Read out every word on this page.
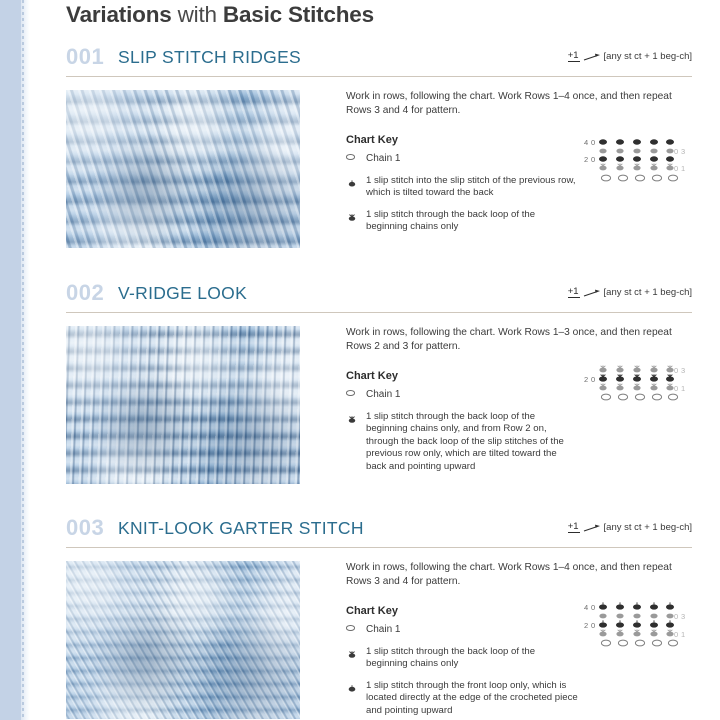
Variations with Basic Stitches
001 SLIP STITCH RIDGES	+1	[any st ct + 1 beg-ch]

Work in rows, following the chart. Work Rows 1–4 once, and then repeat Rows 3 and 4 for pattern.

Chart Key
Chain 1
1 slip stitch into the slip stitch of the previous row, which is tilted toward the back
1 slip stitch through the back loop of the beginning chains only
4 0
2 0
0 3
0 1
002 V-RIDGE LOOK	+1	[any st ct + 1 beg-ch]

Work in rows, following the chart. Work Rows 1–3 once, and then repeat Rows 2 and 3 for pattern.

Chart Key
Chain 1
1 slip stitch through the back loop of the beginning chains only, and from Row 2 on, through the back loop of the slip stitches of the previous row only, which are tilted toward the back and pointing upward
2 0
0 3
0 1
003 KNIT-LOOK GARTER STITCH	+1	[any st ct + 1 beg-ch]

Work in rows, following the chart. Work Rows 1–4 once, and then repeat Rows 3 and 4 for pattern.

Chart Key
Chain 1
1 slip stitch through the back loop of the beginning chains only
1 slip stitch through the front loop only, which is located directly at the edge of the crocheted piece and pointing upward
4 0
2 0
0 3
0 1
